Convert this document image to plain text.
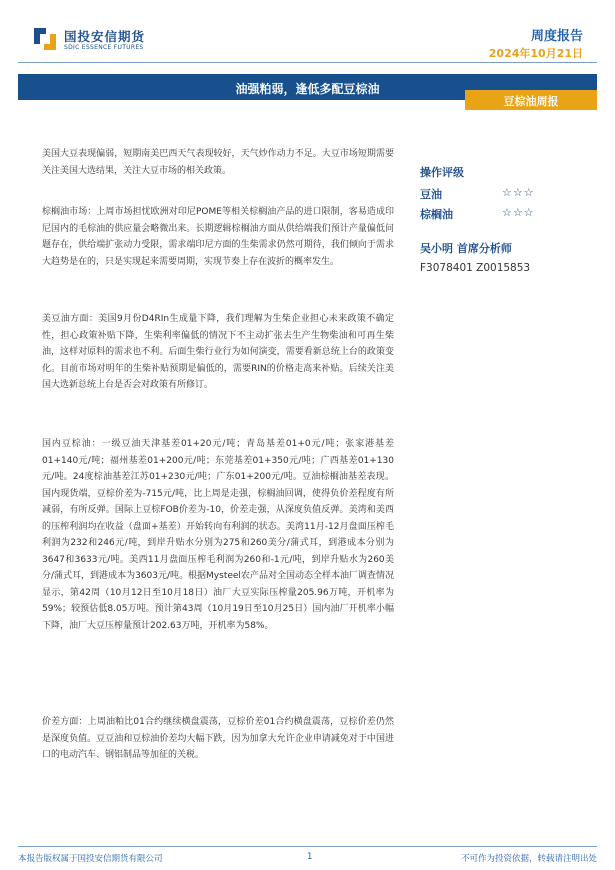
国投安信期货
SDIC ESSENCE FUTURES
周度报告
2024年10月21日
油强粕弱，逢低多配豆棕油
豆棕油周报

美国大豆表现偏弱，短期南美巴西天气表现较好，天气炒作动力不足。大豆市场短期需要关注美国大选结果，关注大豆市场的相关政策。

棕榈油市场：上周市场担忧欧洲对印尼POME等相关棕榈油产品的进口限制，客易造成印尼国内的毛棕油的供应量会略微出来。长期逻辑棕榈油方面从供给端我们预计产量偏低问题存在，供给端扩张动力受限，需求端印尼方面的生柴需求仍然可期待，我们倾向于需求大趋势是在的，只是实现起来需要周期，实现节奏上存在波折的概率发生。

美豆油方面：美国9月份D4RIn生成量下降，我们理解为生柴企业担心未来政策不确定性，担心政策补贴下降，生柴利率偏低的情况下不主动扩张去生产生物柴油和可再生柴油，这样对原料的需求也不利。后面生柴行业行为如何演变，需要看新总统上台的政策变化。目前市场对明年的生柴补贴预期是偏低的，需要RIN的价格走高来补贴。后续关注美国大选新总统上台是否会对政策有所修订。

国内豆棕油：一级豆油天津基差01+20元/吨；青岛基差01+0元/吨；张家港基差01+140元/吨；福州基差01+200元/吨；东莞基差01+350元/吨；广西基差01+130元/吨。24度棕油基差江苏01+230元/吨；广东01+200元/吨。豆油棕榈油基差表现。国内现货端，豆棕价差为-715元/吨，比上周是走强，棕榈油回调，使得负价差程度有所减弱，有所反弹。国际上豆棕FOB价差为-10，价差走强，从深度负值反弹。美湾和美西的压榨利润均在收益（盘面+基差）开始转向有利润的状态。美湾11月-12月盘面压榨毛利润为232和246元/吨，到岸升贴水分别为275和260美分/蒲式耳，到港成本分别为3647和3633元/吨。美西11月盘面压榨毛利润为260和-1元/吨，到岸升贴水为260美分/蒲式耳，到港成本为3603元/吨。根据Mysteel农产品对全国动态全样本油厂调查情况显示，第42周（10月12日至10月18日）油厂大豆实际压榨量205.96万吨，开机率为59%；较预估低8.05万吨。预计第43周（10月19日至10月25日）国内油厂开机率小幅下降，油厂大豆压榨量预计202.63万吨，开机率为58%。

价差方面：上周油粕比01合约继续横盘震荡，豆棕价差01合约横盘震荡，豆棕价差仍然是深度负值。豆豆油和豆棕油价差均大幅下跌，因为加拿大允许企业申请减免对于中国进口的电动汽车、钢铝制品等加征的关税。

操作评级
豆油	☆☆☆
棕榈油	☆☆☆
吴小明 首席分析师
F3078401 Z0015853
本报告版权属于国投安信期货有限公司	1	不可作为投资依据，转载请注明出处
